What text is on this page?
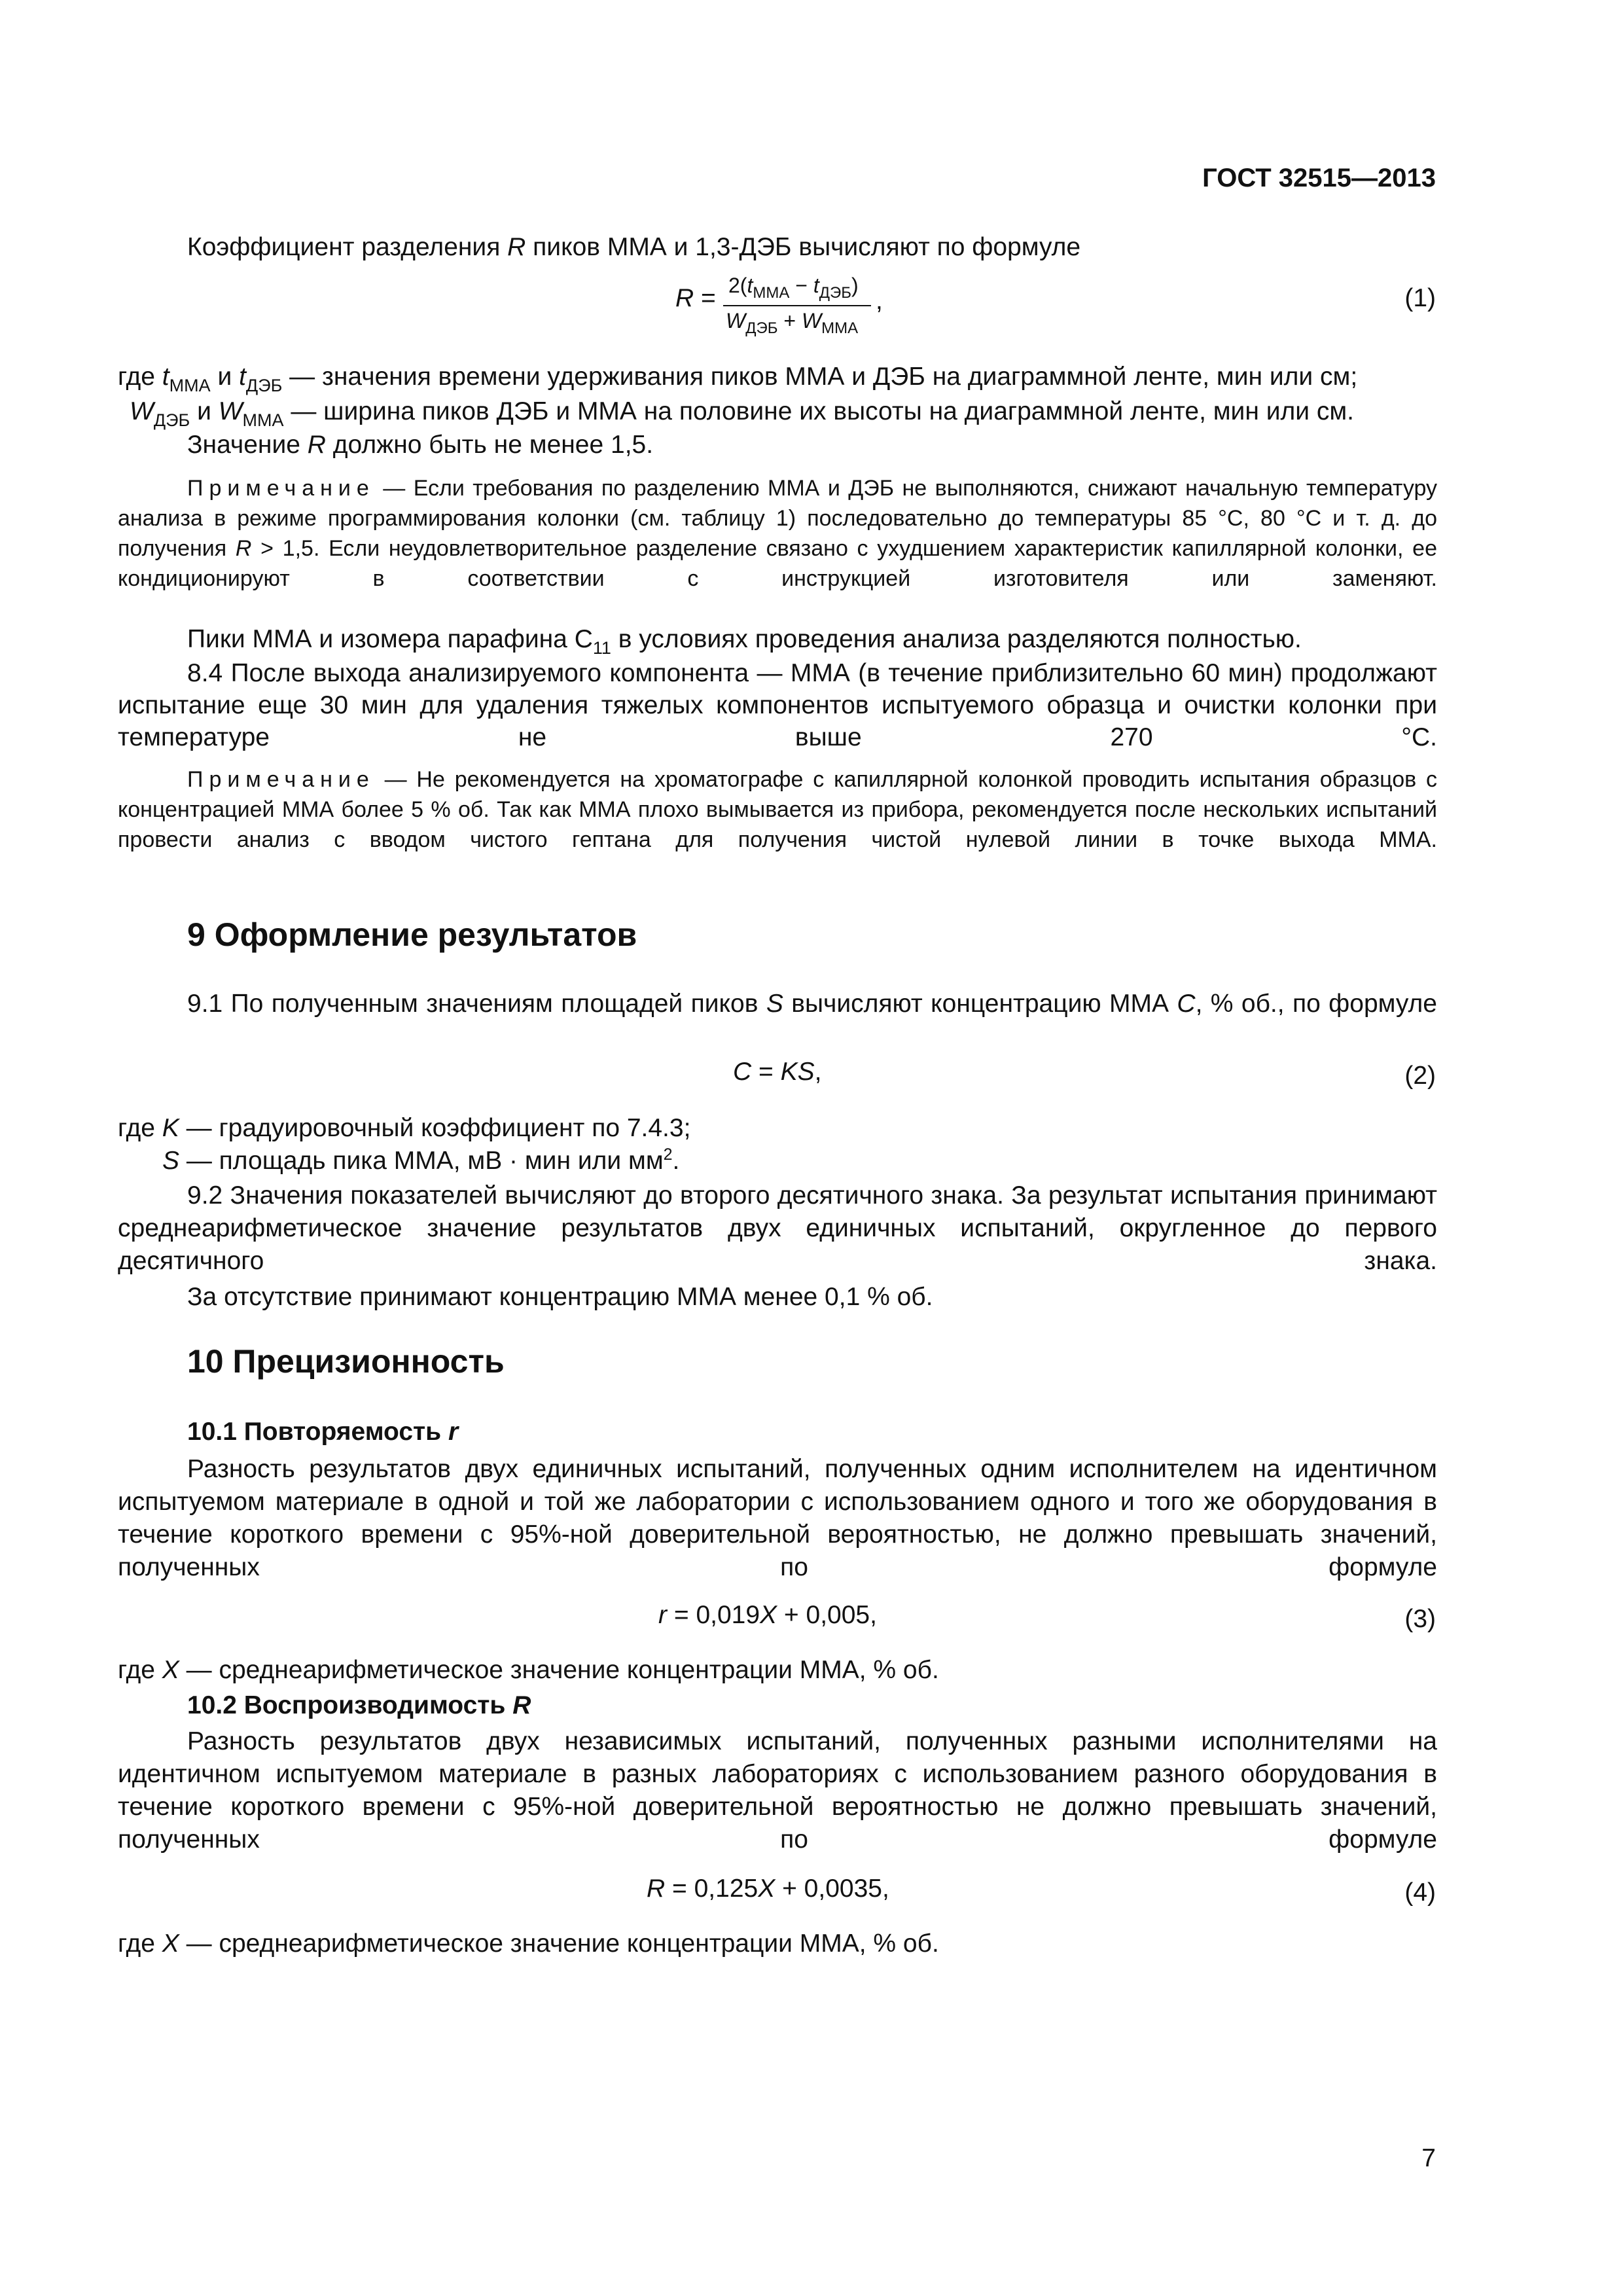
ГОСТ 32515—2013
Коэффициент разделения R пиков ММА и 1,3-ДЭБ вычисляют по формуле
$R = 2(t_{ММА} - t_{ДЭБ})$
$W_{ДЭБ} + W_{ММА}$
,	(1)
где $t_{ММА}$ и $t_{ДЭБ}$ — значения времени удерживания пиков ММА и ДЭБ на диаграммной ленте, мин или см;
$W_{ДЭБ}$ и $W_{ММА}$ — ширина пиков ДЭБ и ММА на половине их высоты на диаграммной ленте, мин или см.
Значение R должно быть не менее 1,5.
Примечание — Если требования по разделению ММА и ДЭБ не выполняются, снижают начальную температуру анализа в режиме программирования колонки (см. таблицу 1) последовательно до температуры 85 °С, 80 °С и т. д. до получения R > 1,5. Если неудовлетворительное разделение связано с ухудшением характеристик капиллярной колонки, ее кондиционируют в соответствии с инструкцией изготовителя или заменяют.
Пики ММА и изомера парафина $С_{11}$ в условиях проведения анализа разделяются полностью.
8.4 После выхода анализируемого компонента — ММА (в течение приблизительно 60 мин) продолжают испытание еще 30 мин для удаления тяжелых компонентов испытуемого образца и очистки колонки при температуре не выше 270 °С.
Примечание — Не рекомендуется на хроматографе с капиллярной колонкой проводить испытания образцов с концентрацией ММА более 5 % об. Так как ММА плохо вымывается из прибора, рекомендуется после нескольких испытаний провести анализ с вводом чистого гептана для получения чистой нулевой линии в точке выхода ММА.
9 Оформление результатов
9.1 По полученным значениям площадей пиков S вычисляют концентрацию ММА C, % об., по формуле
C = KS,	(2)
где K — градуировочный коэффициент по 7.4.3;
S — площадь пика ММА, мВ · мин или $мм^2$.
9.2 Значения показателей вычисляют до второго десятичного знака. За результат испытания принимают среднеарифметическое значение результатов двух единичных испытаний, округленное до первого десятичного знака.
За отсутствие принимают концентрацию ММА менее 0,1 % об.
10 Прецизионность
10.1 Повторяемость r
Разность результатов двух единичных испытаний, полученных одним исполнителем на идентичном испытуемом материале в одной и той же лаборатории с использованием одного и того же оборудования в течение короткого времени с 95%-ной доверительной вероятностью, не должно превышать значений, полученных по формуле
r = 0,019X + 0,005,	(3)
где X — среднеарифметическое значение концентрации ММА, % об.
10.2 Воспроизводимость R
Разность результатов двух независимых испытаний, полученных разными исполнителями на идентичном испытуемом материале в разных лабораториях с использованием разного оборудования в течение короткого времени с 95%-ной доверительной вероятностью не должно превышать значений, полученных по формуле
R = 0,125X + 0,0035,	(4)
где X — среднеарифметическое значение концентрации ММА, % об.
7
